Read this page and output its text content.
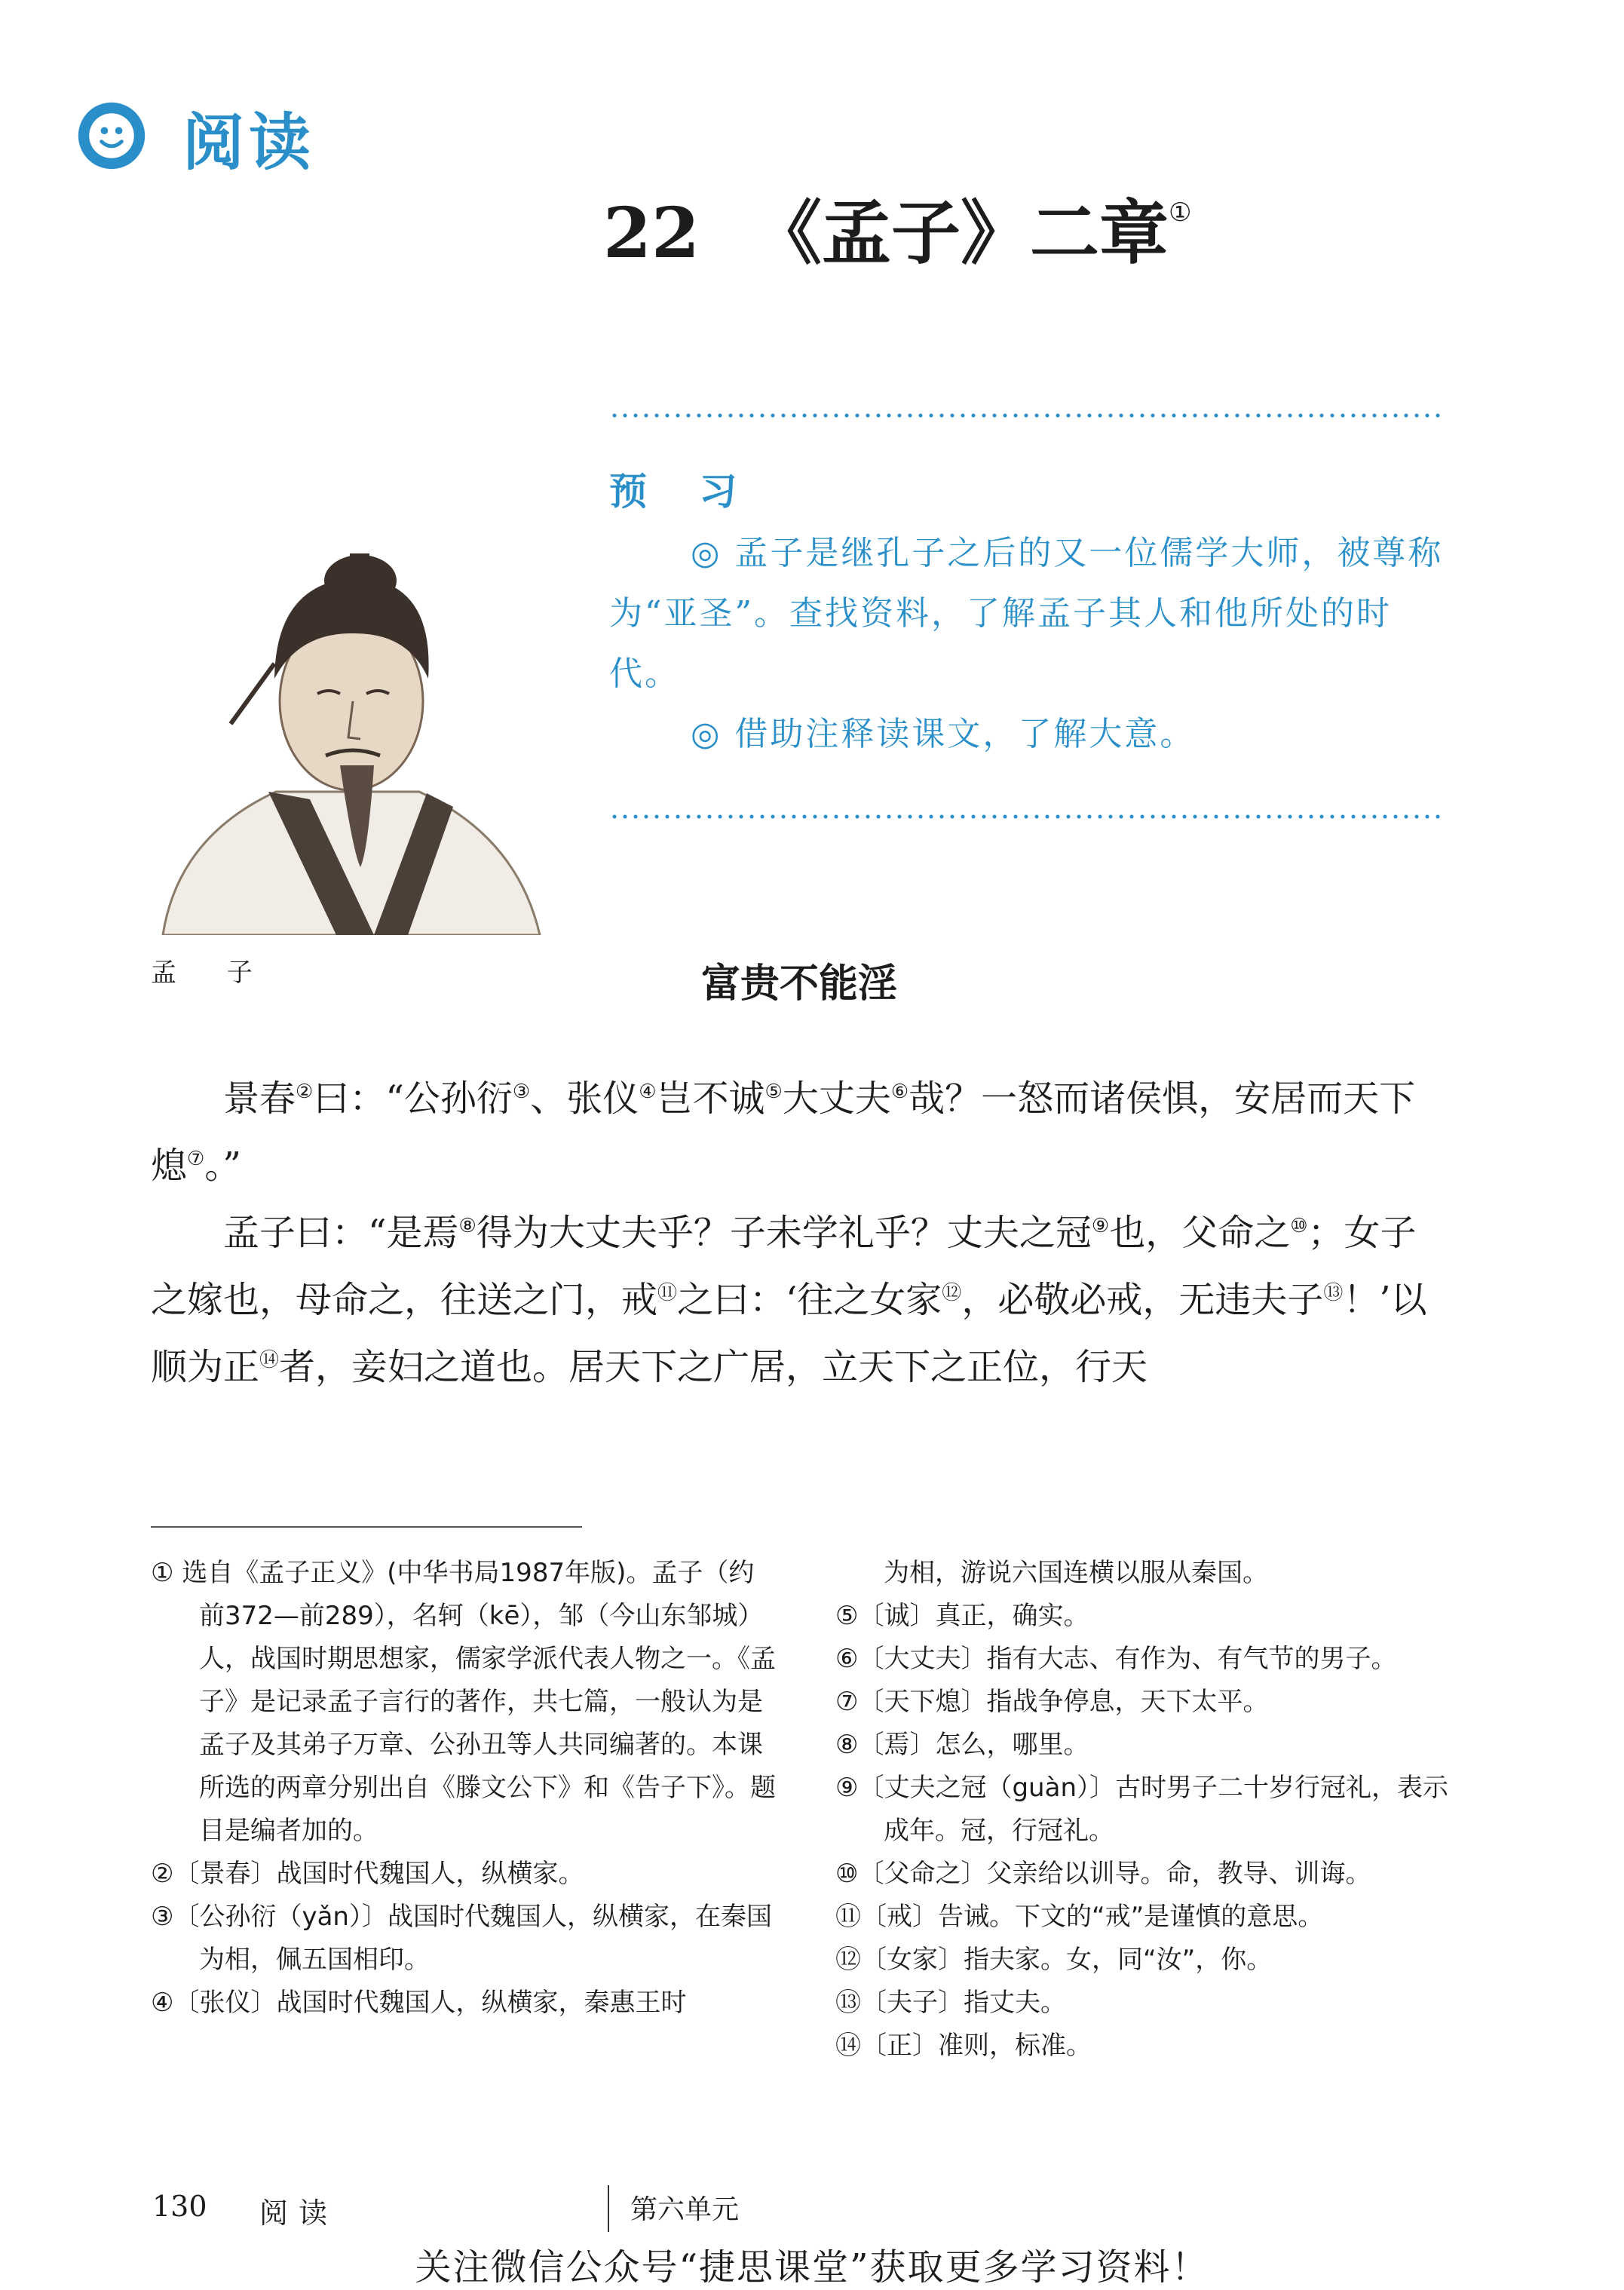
阅读
22 《孟子》二章①
预 习

◎ 孟子是继孔子之后的又一位儒学大师，被尊称为“亚圣”。查找资料，了解孟子其人和他所处的时代。

◎ 借助注释读课文，了解大意。

孟 子	富贵不能淫

景春②曰：“公孙衍③、张仪④岂不诚⑤大丈夫⑥哉？一怒而诸侯惧，安居而天下熄⑦。”

孟子曰：“是焉⑧得为大丈夫乎？子未学礼乎？丈夫之冠⑨也，父命之⑩；女子之嫁也，母命之，往送之门，戒⑪之曰：‘往之女家⑫，必敬必戒，无违夫子⑬！’以顺为正⑭者，妾妇之道也。居天下之广居，立天下之正位，行天

① 选自《孟子正义》(中华书局1987年版)。孟子（约前372—前289），名轲（kē），邹（今山东邹城）人，战国时期思想家，儒家学派代表人物之一。《孟子》是记录孟子言行的著作，共七篇，一般认为是孟子及其弟子万章、公孙丑等人共同编著的。本课所选的两章分别出自《滕文公下》和《告子下》。题目是编者加的。
②〔景春〕战国时代魏国人，纵横家。
③〔公孙衍（yǎn）〕战国时代魏国人，纵横家，在秦国为相，佩五国相印。
④〔张仪〕战国时代魏国人，纵横家，秦惠王时
为相，游说六国连横以服从秦国。
⑤〔诚〕真正，确实。
⑥〔大丈夫〕指有大志、有作为、有气节的男子。
⑦〔天下熄〕指战争停息，天下太平。
⑧〔焉〕怎么，哪里。
⑨〔丈夫之冠（guàn）〕古时男子二十岁行冠礼，表示成年。冠，行冠礼。
⑩〔父命之〕父亲给以训导。命，教导、训诲。
⑪〔戒〕告诫。下文的“戒”是谨慎的意思。
⑫〔女家〕指夫家。女，同“汝”，你。
⑬〔夫子〕指丈夫。
⑭〔正〕准则，标准。
130 阅读	第六单元
关注微信公众号“捷思课堂”获取更多学习资料！
